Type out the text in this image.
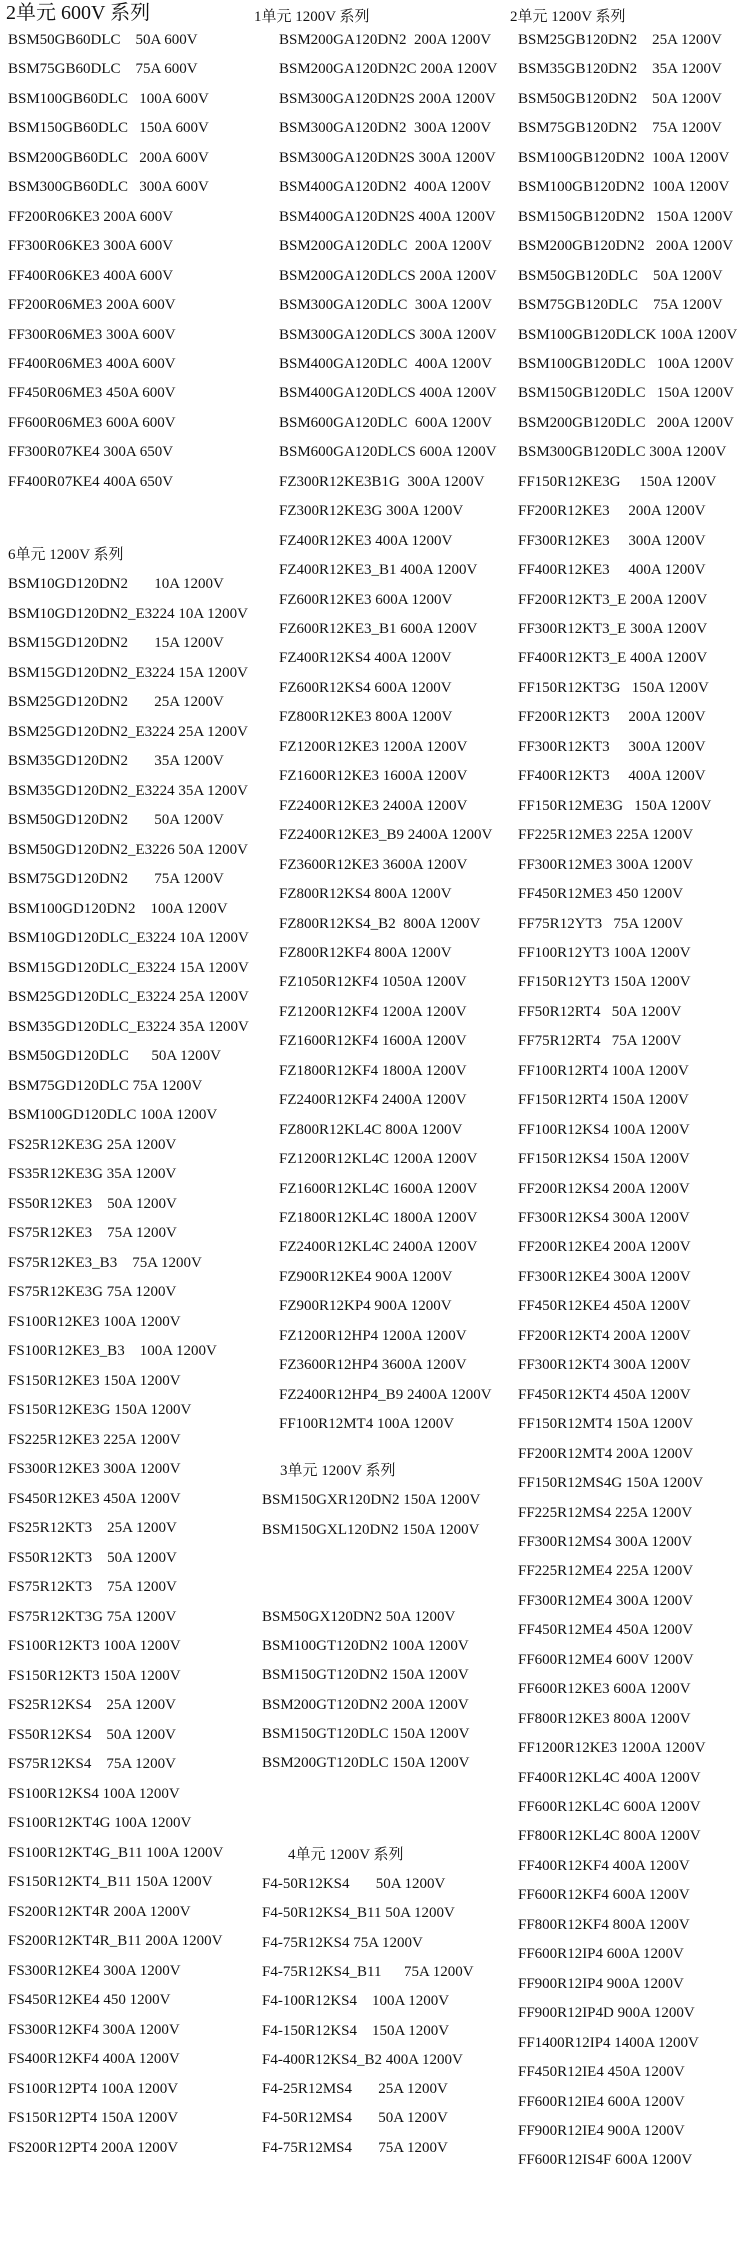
2单元 600V 系列
BSM50GB60DLC    50A 600V
BSM75GB60DLC    75A 600V
BSM100GB60DLC   100A 600V
BSM150GB60DLC   150A 600V
BSM200GB60DLC   200A 600V
BSM300GB60DLC   300A 600V
FF200R06KE3 200A 600V
FF300R06KE3 300A 600V
FF400R06KE3 400A 600V
FF200R06ME3 200A 600V
FF300R06ME3 300A 600V
FF400R06ME3 400A 600V
FF450R06ME3 450A 600V
FF600R06ME3 600A 600V
FF300R07KE4 300A 650V
FF400R07KE4 400A 650V
1单元 1200V 系列
BSM200GA120DN2  200A 1200V
BSM200GA120DN2C 200A 1200V
BSM300GA120DN2S 200A 1200V
BSM300GA120DN2  300A 1200V
BSM300GA120DN2S 300A 1200V
BSM400GA120DN2  400A 1200V
BSM400GA120DN2S 400A 1200V
BSM200GA120DLC  200A 1200V
BSM200GA120DLCS 200A 1200V
BSM300GA120DLC  300A 1200V
BSM300GA120DLCS 300A 1200V
BSM400GA120DLC  400A 1200V
BSM400GA120DLCS 400A 1200V
BSM600GA120DLC  600A 1200V
BSM600GA120DLCS 600A 1200V
FZ300R12KE3B1G  300A 1200V
FZ300R12KE3G 300A 1200V
FZ400R12KE3 400A 1200V
FZ400R12KE3_B1 400A 1200V
FZ600R12KE3 600A 1200V
FZ600R12KE3_B1 600A 1200V
FZ400R12KS4 400A 1200V
FZ600R12KS4 600A 1200V
FZ800R12KE3 800A 1200V
FZ1200R12KE3 1200A 1200V
FZ1600R12KE3 1600A 1200V
FZ2400R12KE3 2400A 1200V
FZ2400R12KE3_B9 2400A 1200V
FZ3600R12KE3 3600A 1200V
FZ800R12KS4 800A 1200V
FZ800R12KS4_B2  800A 1200V
FZ800R12KF4 800A 1200V
FZ1050R12KF4 1050A 1200V
FZ1200R12KF4 1200A 1200V
FZ1600R12KF4 1600A 1200V
FZ1800R12KF4 1800A 1200V
FZ2400R12KF4 2400A 1200V
FZ800R12KL4C 800A 1200V
FZ1200R12KL4C 1200A 1200V
FZ1600R12KL4C 1600A 1200V
FZ1800R12KL4C 1800A 1200V
FZ2400R12KL4C 2400A 1200V
FZ900R12KE4 900A 1200V
FZ900R12KP4 900A 1200V
FZ1200R12HP4 1200A 1200V
FZ3600R12HP4 3600A 1200V
FZ2400R12HP4_B9 2400A 1200V
FF100R12MT4 100A 1200V
2单元 1200V 系列
BSM25GB120DN2    25A 1200V
BSM35GB120DN2    35A 1200V
BSM50GB120DN2    50A 1200V
BSM75GB120DN2    75A 1200V
BSM100GB120DN2  100A 1200V
BSM100GB120DN2  100A 1200V
BSM150GB120DN2   150A 1200V
BSM200GB120DN2   200A 1200V
BSM50GB120DLC    50A 1200V
BSM75GB120DLC    75A 1200V
BSM100GB120DLCK 100A 1200V
BSM100GB120DLC   100A 1200V
BSM150GB120DLC   150A 1200V
BSM200GB120DLC   200A 1200V
BSM300GB120DLC 300A 1200V
FF150R12KE3G     150A 1200V
FF200R12KE3     200A 1200V
FF300R12KE3     300A 1200V
FF400R12KE3     400A 1200V
FF200R12KT3_E 200A 1200V
FF300R12KT3_E 300A 1200V
FF400R12KT3_E 400A 1200V
FF150R12KT3G   150A 1200V
FF200R12KT3     200A 1200V
FF300R12KT3     300A 1200V
FF400R12KT3     400A 1200V
FF150R12ME3G   150A 1200V
FF225R12ME3 225A 1200V
FF300R12ME3 300A 1200V
FF450R12ME3 450 1200V
FF75R12YT3   75A 1200V
FF100R12YT3 100A 1200V
FF150R12YT3 150A 1200V
FF50R12RT4   50A 1200V
FF75R12RT4   75A 1200V
FF100R12RT4 100A 1200V
FF150R12RT4 150A 1200V
FF100R12KS4 100A 1200V
FF150R12KS4 150A 1200V
FF200R12KS4 200A 1200V
FF300R12KS4 300A 1200V
FF200R12KE4 200A 1200V
FF300R12KE4 300A 1200V
FF450R12KE4 450A 1200V
FF200R12KT4 200A 1200V
FF300R12KT4 300A 1200V
FF450R12KT4 450A 1200V
FF150R12MT4 150A 1200V
FF200R12MT4 200A 1200V
FF150R12MS4G 150A 1200V
FF225R12MS4 225A 1200V
FF300R12MS4 300A 1200V
FF225R12ME4 225A 1200V
FF300R12ME4 300A 1200V
FF450R12ME4 450A 1200V
FF600R12ME4 600V 1200V
FF600R12KE3 600A 1200V
FF800R12KE3 800A 1200V
FF1200R12KE3 1200A 1200V
FF400R12KL4C 400A 1200V
FF600R12KL4C 600A 1200V
FF800R12KL4C 800A 1200V
FF400R12KF4 400A 1200V
FF600R12KF4 600A 1200V
FF800R12KF4 800A 1200V
FF600R12IP4 600A 1200V
FF900R12IP4 900A 1200V
FF900R12IP4D 900A 1200V
FF1400R12IP4 1400A 1200V
FF450R12IE4 450A 1200V
FF600R12IE4 600A 1200V
FF900R12IE4 900A 1200V
FF600R12IS4F 600A 1200V
6单元 1200V 系列
BSM10GD120DN2       10A 1200V
BSM10GD120DN2_E3224 10A 1200V
BSM15GD120DN2       15A 1200V
BSM15GD120DN2_E3224 15A 1200V
BSM25GD120DN2       25A 1200V
BSM25GD120DN2_E3224 25A 1200V
BSM35GD120DN2       35A 1200V
BSM35GD120DN2_E3224 35A 1200V
BSM50GD120DN2       50A 1200V
BSM50GD120DN2_E3226 50A 1200V
BSM75GD120DN2       75A 1200V
BSM100GD120DN2    100A 1200V
BSM10GD120DLC_E3224 10A 1200V
BSM15GD120DLC_E3224 15A 1200V
BSM25GD120DLC_E3224 25A 1200V
BSM35GD120DLC_E3224 35A 1200V
BSM50GD120DLC      50A 1200V
BSM75GD120DLC 75A 1200V
BSM100GD120DLC 100A 1200V
FS25R12KE3G 25A 1200V
FS35R12KE3G 35A 1200V
FS50R12KE3    50A 1200V
FS75R12KE3    75A 1200V
FS75R12KE3_B3    75A 1200V
FS75R12KE3G 75A 1200V
FS100R12KE3 100A 1200V
FS100R12KE3_B3    100A 1200V
FS150R12KE3 150A 1200V
FS150R12KE3G 150A 1200V
FS225R12KE3 225A 1200V
FS300R12KE3 300A 1200V
FS450R12KE3 450A 1200V
FS25R12KT3    25A 1200V
FS50R12KT3    50A 1200V
FS75R12KT3    75A 1200V
FS75R12KT3G 75A 1200V
FS100R12KT3 100A 1200V
FS150R12KT3 150A 1200V
FS25R12KS4    25A 1200V
FS50R12KS4    50A 1200V
FS75R12KS4    75A 1200V
FS100R12KS4 100A 1200V
FS100R12KT4G 100A 1200V
FS100R12KT4G_B11 100A 1200V
FS150R12KT4_B11 150A 1200V
FS200R12KT4R 200A 1200V
FS200R12KT4R_B11 200A 1200V
FS300R12KE4 300A 1200V
FS450R12KE4 450 1200V
FS300R12KF4 300A 1200V
FS400R12KF4 400A 1200V
FS100R12PT4 100A 1200V
FS150R12PT4 150A 1200V
FS200R12PT4 200A 1200V
3单元 1200V 系列
BSM150GXR120DN2 150A 1200V
BSM150GXL120DN2 150A 1200V
BSM50GX120DN2 50A 1200V
BSM100GT120DN2 100A 1200V
BSM150GT120DN2 150A 1200V
BSM200GT120DN2 200A 1200V
BSM150GT120DLC 150A 1200V
BSM200GT120DLC 150A 1200V
4单元 1200V 系列
F4-50R12KS4       50A 1200V
F4-50R12KS4_B11 50A 1200V
F4-75R12KS4 75A 1200V
F4-75R12KS4_B11      75A 1200V
F4-100R12KS4    100A 1200V
F4-150R12KS4    150A 1200V
F4-400R12KS4_B2 400A 1200V
F4-25R12MS4       25A 1200V
F4-50R12MS4       50A 1200V
F4-75R12MS4       75A 1200V
